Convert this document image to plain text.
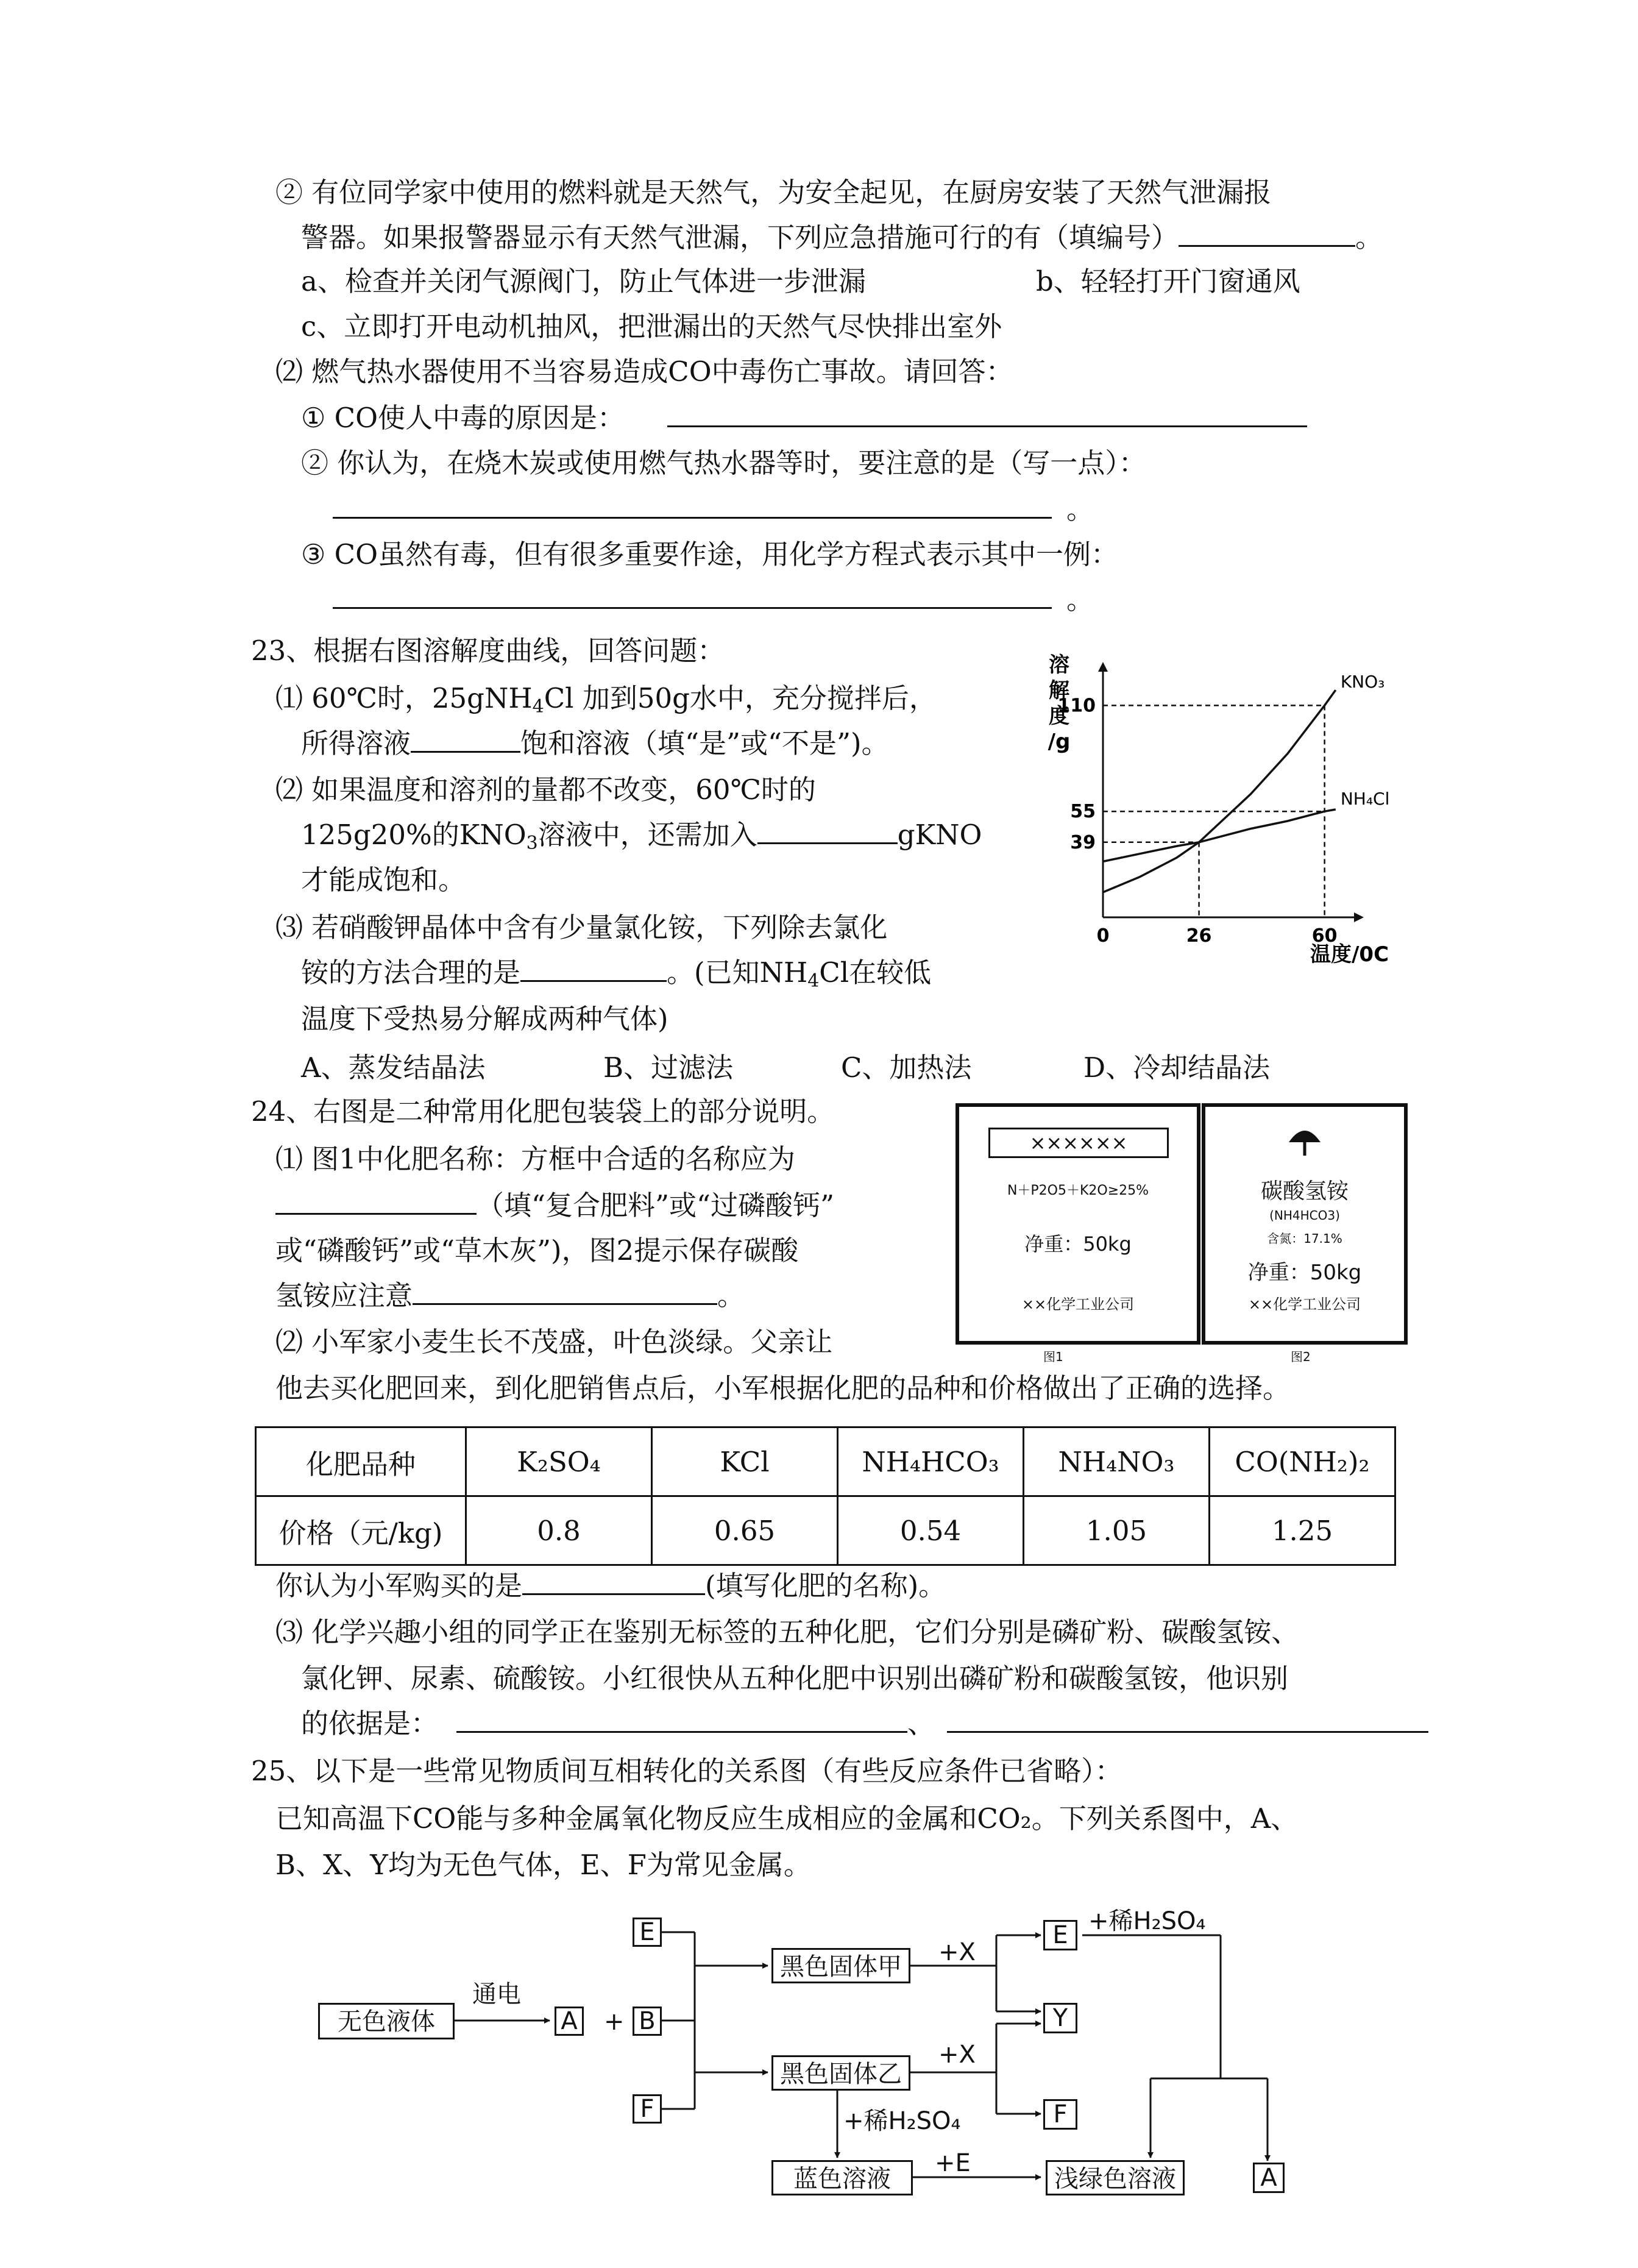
② 有位同学家中使用的燃料就是天然气，为安全起见，在厨房安装了天然气泄漏报
警器。如果报警器显示有天然气泄漏，下列应急措施可行的有（填编号）	。
a、检查并关闭气源阀门，防止气体进一步泄漏	b、轻轻打开门窗通风
c、立即打开电动机抽风，把泄漏出的天然气尽快排出室外
⑵ 燃气热水器使用不当容易造成CO中毒伤亡事故。请回答：
① CO使人中毒的原因是：
② 你认为，在烧木炭或使用燃气热水器等时，要注意的是（写一点）：
。
③ CO虽然有毒，但有很多重要作途，用化学方程式表示其中一例：
。
23、根据右图溶解度曲线，回答问题：
⑴ 60℃时，25gNH$_4$Cl 加到50g水中，充分搅拌后，
所得溶液	饱和溶液（填“是”或“不是”)。
⑵ 如果温度和溶剂的量都不改变，60℃时的
125g20%的$KNO_3$溶液中，还需加入	gKNO
才能成饱和。
⑶ 若硝酸钾晶体中含有少量氯化铵，下列除去氯化
铵的方法合理的是	。(已知$NH_4Cl$在较低
温度下受热易分解成两种气体)
A、蒸发结晶法	B、过滤法	C、加热法	D、冷却结晶法
溶
解
度
/g
温度/0C
0	26	60
39
55
110
KNO₃
NH₄Cl
24、右图是二种常用化肥包装袋上的部分说明。
⑴ 图1中化肥名称：方框中合适的名称应为
（填“复合肥料”或“过磷酸钙”
或“磷酸钙”或“草木灰”)，图2提示保存碳酸
氢铵应注意	。
⑵ 小军家小麦生长不茂盛，叶色淡绿。父亲让
他去买化肥回来，到化肥销售点后，小军根据化肥的品种和价格做出了正确的选择。
××××××
N＋P2O5＋K2O≥25%
净重：50kg
××化学工业公司
图1
碳酸氢铵
(NH4HCO3)
含氮：17.1%
净重：50kg
××化学工业公司
图2
化肥品种	K₂SO₄	KCl	NH₄HCO₃	NH₄NO₃	CO(NH₂)₂
价格（元/kg)	0.8	0.65	0.54	1.05	1.25
你认为小军购买的是	(填写化肥的名称)。
⑶ 化学兴趣小组的同学正在鉴别无标签的五种化肥，它们分别是磷矿粉、碳酸氢铵、
氯化钾、尿素、硫酸铵。小红很快从五种化肥中识别出磷矿粉和碳酸氢铵，他识别
的依据是：	、
25、以下是一些常见物质间互相转化的关系图（有些反应条件已省略）：
已知高温下CO能与多种金属氧化物反应生成相应的金属和CO₂。下列关系图中，A、
B、X、Y均为无色气体，E、F为常见金属。
无色液体
通电
A + B
E
F
黑色固体甲
黑色固体乙
+X
+X
E
Y
F
+稀H₂SO₄
+稀H₂SO₄
蓝色溶液
+E
浅绿色溶液	A
